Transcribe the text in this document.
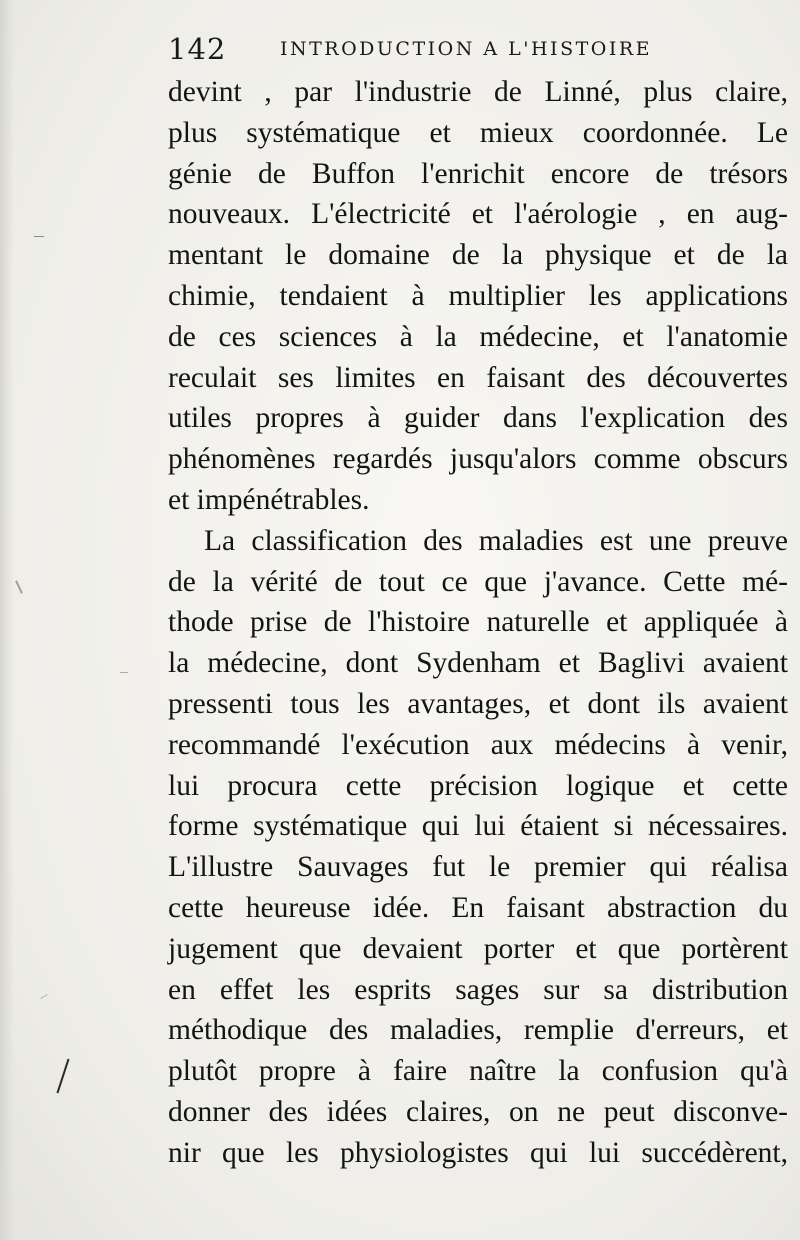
142	INTRODUCTION A L'HISTOIRE
devint , par l'industrie de Linné, plus claire,
plus systématique et mieux coordonnée. Le
génie de Buffon l'enrichit encore de trésors
nouveaux. L'électricité et l'aérologie , en aug-
mentant le domaine de la physique et de la
chimie, tendaient à multiplier les applications
de ces sciences à la médecine, et l'anatomie
reculait ses limites en faisant des découvertes
utiles propres à guider dans l'explication des
phénomènes regardés jusqu'alors comme obscurs
et impénétrables.
La classification des maladies est une preuve
de la vérité de tout ce que j'avance. Cette mé-
thode prise de l'histoire naturelle et appliquée à
la médecine, dont Sydenham et Baglivi avaient
pressenti tous les avantages, et dont ils avaient
recommandé l'exécution aux médecins à venir,
lui procura cette précision logique et cette
forme systématique qui lui étaient si nécessaires.
L'illustre Sauvages fut le premier qui réalisa
cette heureuse idée. En faisant abstraction du
jugement que devaient porter et que portèrent
en effet les esprits sages sur sa distribution
méthodique des maladies, remplie d'erreurs, et
plutôt propre à faire naître la confusion qu'à
donner des idées claires, on ne peut disconve-
nir que les physiologistes qui lui succédèrent,
